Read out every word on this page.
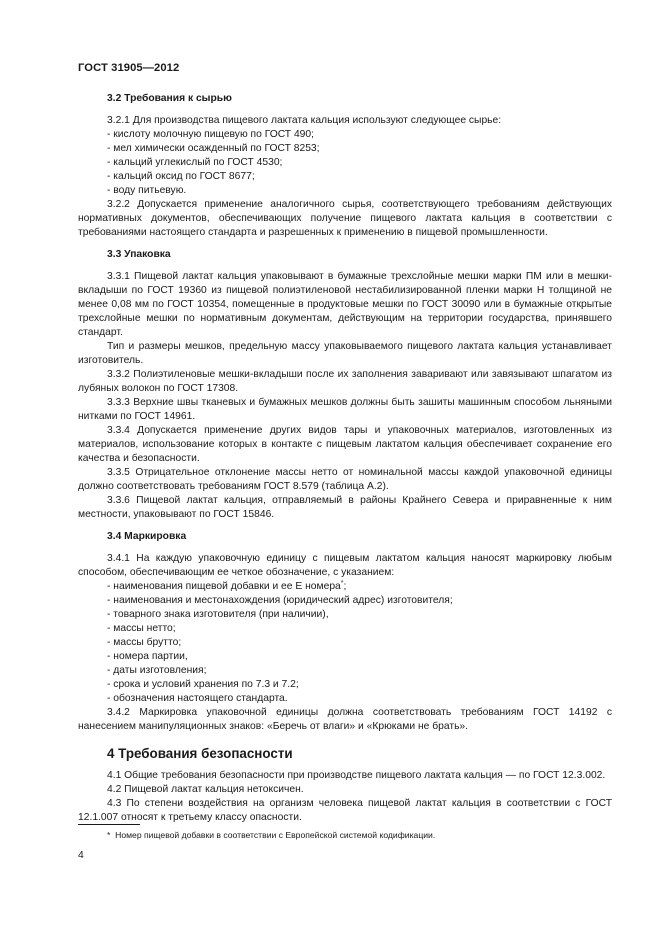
ГОСТ 31905—2012

3.2 Требования к сырью

3.2.1 Для производства пищевого лактата кальция используют следующее сырье:

- кислоту молочную пищевую по ГОСТ 490;

- мел химически осажденный по ГОСТ 8253;

- кальций углекислый по ГОСТ 4530;

- кальций оксид по ГОСТ 8677;

- воду питьевую.

3.2.2 Допускается применение аналогичного сырья, соответствующего требованиям действующих нормативных документов, обеспечивающих получение пищевого лактата кальция в соответствии с требованиями настоящего стандарта и разрешенных к применению в пищевой промышленности.

3.3 Упаковка

3.3.1 Пищевой лактат кальция упаковывают в бумажные трехслойные мешки марки ПМ или в мешки-вкладыши по ГОСТ 19360 из пищевой полиэтиленовой нестабилизированной пленки марки Н толщиной не менее 0,08 мм по ГОСТ 10354, помещенные в продуктовые мешки по ГОСТ 30090 или в бумажные открытые трехслойные мешки по нормативным документам, действующим на территории государства, принявшего стандарт.

Тип и размеры мешков, предельную массу упаковываемого пищевого лактата кальция устанавливает изготовитель.

3.3.2 Полиэтиленовые мешки-вкладыши после их заполнения заваривают или завязывают шпагатом из лубяных волокон по ГОСТ 17308.

3.3.3 Верхние швы тканевых и бумажных мешков должны быть зашиты машинным способом льняными нитками по ГОСТ 14961.

3.3.4 Допускается применение других видов тары и упаковочных материалов, изготовленных из материалов, использование которых в контакте с пищевым лактатом кальция обеспечивает сохранение его качества и безопасности.

3.3.5 Отрицательное отклонение массы нетто от номинальной массы каждой упаковочной единицы должно соответствовать требованиям ГОСТ 8.579 (таблица А.2).

3.3.6 Пищевой лактат кальция, отправляемый в районы Крайнего Севера и приравненные к ним местности, упаковывают по ГОСТ 15846.

3.4 Маркировка

3.4.1 На каждую упаковочную единицу с пищевым лактатом кальция наносят маркировку любым способом, обеспечивающим ее четкое обозначение, с указанием:

- наименования пищевой добавки и ее Е номера*;

- наименования и местонахождения (юридический адрес) изготовителя;

- товарного знака изготовителя (при наличии),

- массы нетто;

- массы брутто;

- номера партии,

- даты изготовления;

- срока и условий хранения по 7.3 и 7.2;

- обозначения настоящего стандарта.

3.4.2 Маркировка упаковочной единицы должна соответствовать требованиям ГОСТ 14192 с нанесением манипуляционных знаков: «Беречь от влаги» и «Крюками не брать».

4 Требования безопасности

4.1 Общие требования безопасности при производстве пищевого лактата кальция — по ГОСТ 12.3.002.

4.2 Пищевой лактат кальция нетоксичен.

4.3 По степени воздействия на организм человека пищевой лактат кальция в соответствии с ГОСТ 12.1.007 относят к третьему классу опасности.

* Номер пищевой добавки в соответствии с Европейской системой кодификации.
4
